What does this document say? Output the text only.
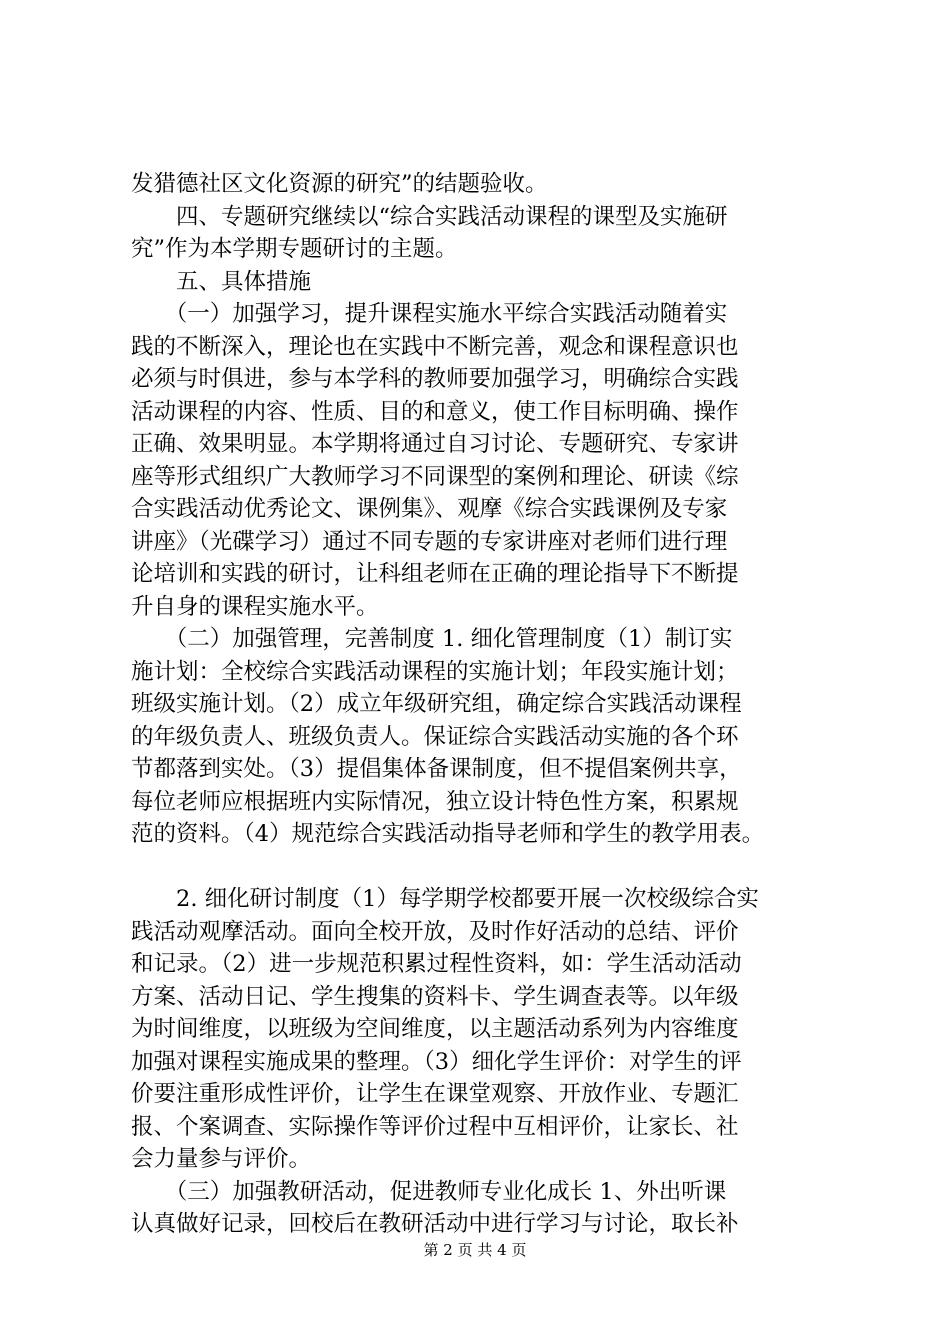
发猎德社区文化资源的研究”的结题验收。
　　四、专题研究继续以“综合实践活动课程的课型及实施研
究”作为本学期专题研讨的主题。
　　五、具体措施
　　（一）加强学习，提升课程实施水平综合实践活动随着实
践的不断深入，理论也在实践中不断完善，观念和课程意识也
必须与时俱进，参与本学科的教师要加强学习，明确综合实践
活动课程的内容、性质、目的和意义，使工作目标明确、操作
正确、效果明显。本学期将通过自习讨论、专题研究、专家讲
座等形式组织广大教师学习不同课型的案例和理论、研读《综
合实践活动优秀论文、课例集》、观摩《综合实践课例及专家
讲座》（光碟学习）通过不同专题的专家讲座对老师们进行理
论培训和实践的研讨，让科组老师在正确的理论指导下不断提
升自身的课程实施水平。
　　（二）加强管理，完善制度 1. 细化管理制度（1）制订实
施计划：全校综合实践活动课程的实施计划；年段实施计划；
班级实施计划。（2）成立年级研究组，确定综合实践活动课程
的年级负责人、班级负责人。保证综合实践活动实施的各个环
节都落到实处。（3）提倡集体备课制度，但不提倡案例共享，
每位老师应根据班内实际情况，独立设计特色性方案，积累规
范的资料。（4）规范综合实践活动指导老师和学生的教学用表。
　　2. 细化研讨制度（1）每学期学校都要开展一次校级综合实
践活动观摩活动。面向全校开放，及时作好活动的总结、评价
和记录。（2）进一步规范积累过程性资料，如：学生活动活动
方案、活动日记、学生搜集的资料卡、学生调查表等。以年级
为时间维度，以班级为空间维度，以主题活动系列为内容维度
加强对课程实施成果的整理。（3）细化学生评价：对学生的评
价要注重形成性评价，让学生在课堂观察、开放作业、专题汇
报、个案调查、实际操作等评价过程中互相评价，让家长、社
会力量参与评价。
　　（三）加强教研活动，促进教师专业化成长 1、外出听课
认真做好记录，回校后在教研活动中进行学习与讨论，取长补
第 2 页 共 4 页
